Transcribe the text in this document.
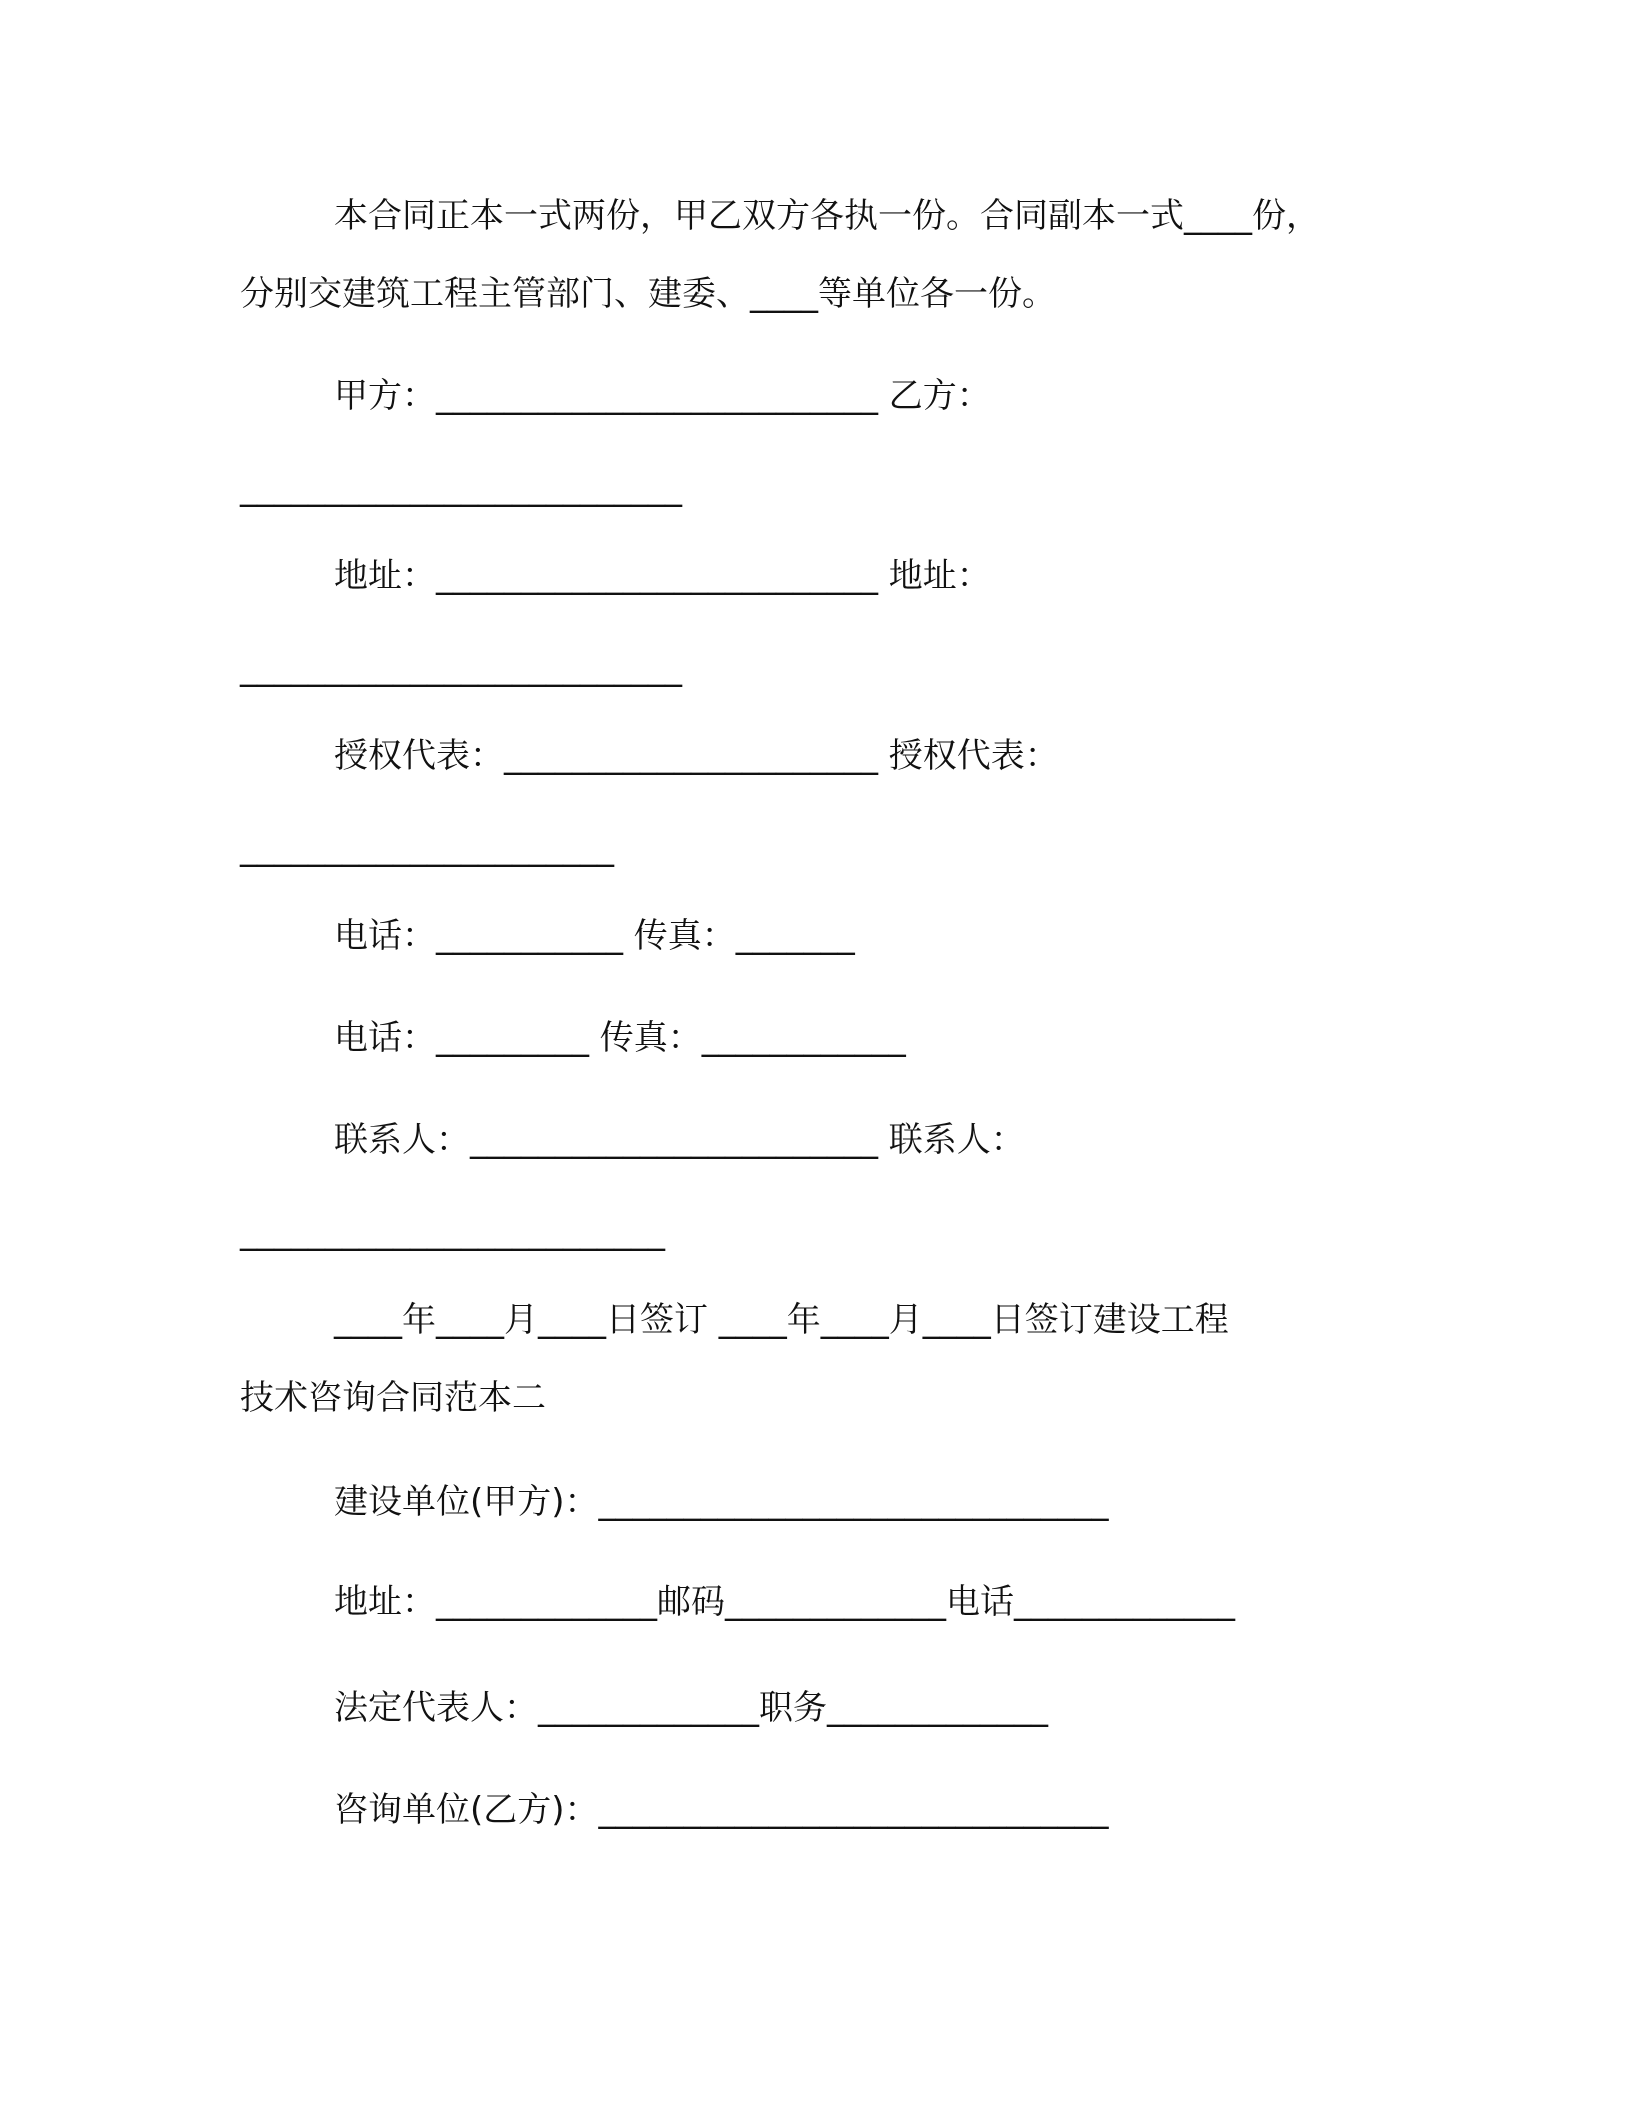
本合同正本一式两份，甲乙双方各执一份。合同副本一式____份，
分别交建筑工程主管部门、建委、____等单位各一份。
甲方：__________________________ 乙方：
__________________________
地址：__________________________ 地址：
__________________________
授权代表：______________________ 授权代表：
______________________
电话：___________ 传真：_______
电话：_________ 传真：____________
联系人：________________________ 联系人：
_________________________
____年____月____日签订 ____年____月____日签订建设工程
技术咨询合同范本二
建设单位(甲方)：______________________________
地址：_____________邮码_____________电话_____________
法定代表人：_____________职务_____________
咨询单位(乙方)：______________________________
